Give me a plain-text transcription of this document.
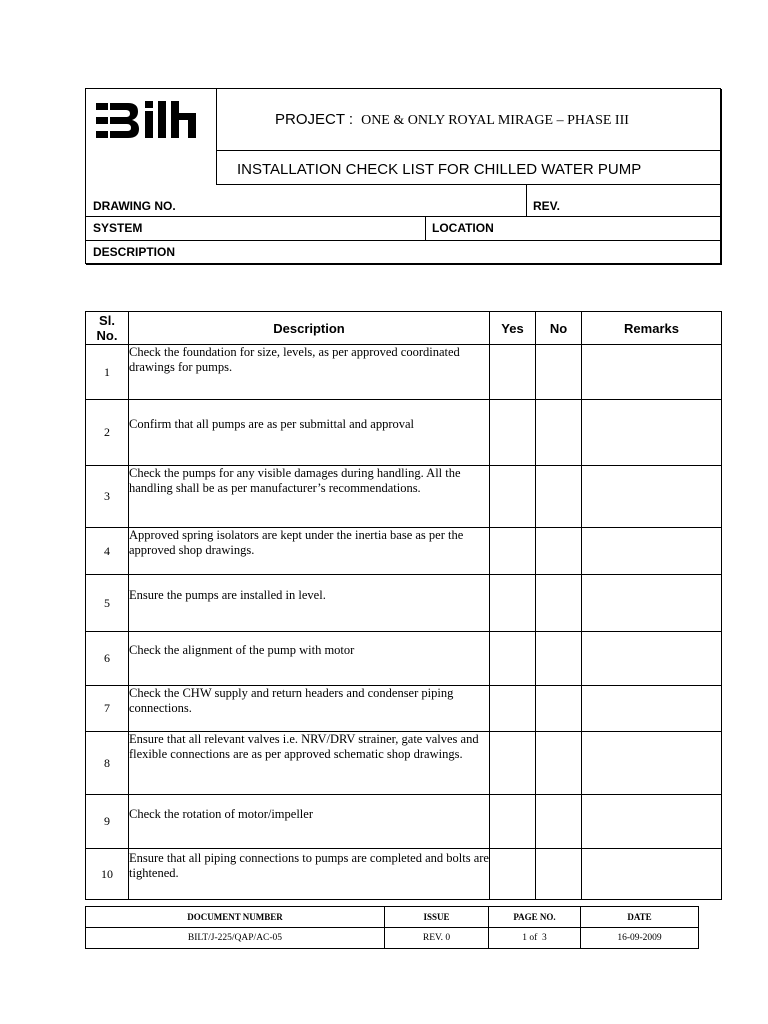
PROJECT : ONE & ONLY ROYAL MIRAGE – PHASE III
INSTALLATION CHECK LIST FOR CHILLED WATER PUMP
DRAWING NO.	REV.
SYSTEM	LOCATION
DESCRIPTION
Sl.
No.	Description	Yes	No	Remarks
1	Check the foundation for size, levels, as per approved coordinated drawings for pumps.			
2	Confirm that all pumps are as per submittal and approval			
3	Check the pumps for any visible damages during handling. All the handling shall be as per manufacturer’s recommendations.			
4	Approved spring isolators are kept under the inertia base as per the approved shop drawings.			
5	Ensure the pumps are installed in level.			
6	Check the alignment of the pump with motor			
7	Check the CHW supply and return headers and condenser piping connections.			
8	Ensure that all relevant valves i.e. NRV/DRV strainer, gate valves and flexible connections are as per approved schematic shop drawings.			
9	Check the rotation of motor/impeller			
10	Ensure that all piping connections to pumps are completed and bolts are tightened.			
DOCUMENT NUMBER	ISSUE	PAGE NO.	DATE
BILT/J-225/QAP/AC-05	REV. 0	1 of  3	16-09-2009
